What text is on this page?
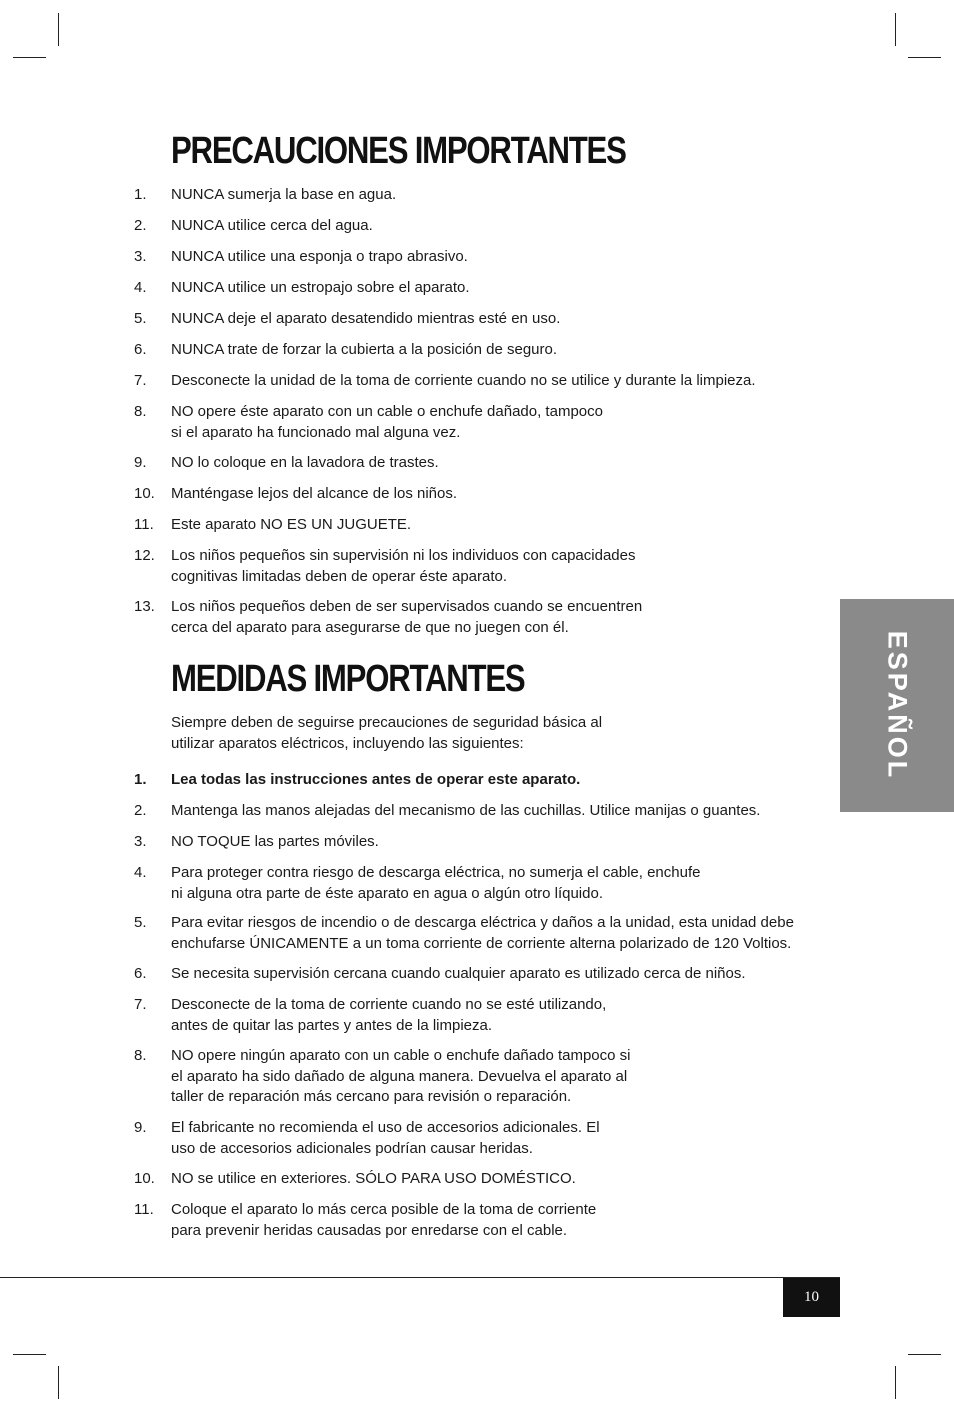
PRECAUCIONES IMPORTANTES
1. NUNCA sumerja la base en agua.
2. NUNCA utilice cerca del agua.
3. NUNCA utilice una esponja o trapo abrasivo.
4. NUNCA utilice un estropajo sobre el aparato.
5. NUNCA deje el aparato desatendido mientras esté en uso.
6. NUNCA trate de forzar la cubierta a la posición de seguro.
7. Desconecte la unidad de la toma de corriente cuando no se utilice y durante la limpieza.
8. NO opere éste aparato con un cable o enchufe dañado, tampoco
si el aparato ha funcionado mal alguna vez.
9. NO lo coloque en la lavadora de trastes.
10. Manténgase lejos del alcance de los niños.
11. Este aparato NO ES UN JUGUETE.
12. Los niños pequeños sin supervisión ni los individuos con capacidades
cognitivas limitadas deben de operar éste aparato.
13. Los niños pequeños deben de ser supervisados cuando se encuentren
cerca del aparato para asegurarse de que no juegen con él.
MEDIDAS IMPORTANTES
Siempre deben de seguirse precauciones de seguridad básica al
utilizar aparatos eléctricos, incluyendo las siguientes:
1. Lea todas las instrucciones antes de operar este aparato.
2. Mantenga las manos alejadas del mecanismo de las cuchillas. Utilice manijas o guantes.
3. NO TOQUE las partes móviles.
4. Para proteger contra riesgo de descarga eléctrica, no sumerja el cable, enchufe
ni alguna otra parte de éste aparato en agua o algún otro líquido.
5. Para evitar riesgos de incendio o de descarga eléctrica y daños a la unidad, esta unidad debe
enchufarse ÚNICAMENTE a un toma corriente de corriente alterna polarizado de 120 Voltios.
6. Se necesita supervisión cercana cuando cualquier aparato es utilizado cerca de niños.
7. Desconecte de la toma de corriente cuando no se esté utilizando,
antes de quitar las partes y antes de la limpieza.
8. NO opere ningún aparato con un cable o enchufe dañado tampoco si
el aparato ha sido dañado de alguna manera. Devuelva el aparato al
taller de reparación más cercano para revisión o reparación.
9. El fabricante no recomienda el uso de accesorios adicionales. El
uso de accesorios adicionales podrían causar heridas.
10. NO se utilice en exteriores. SÓLO PARA USO DOMÉSTICO.
11. Coloque el aparato lo más cerca posible de la toma de corriente
para prevenir heridas causadas por enredarse con el cable.
ESPAÑOL
10
